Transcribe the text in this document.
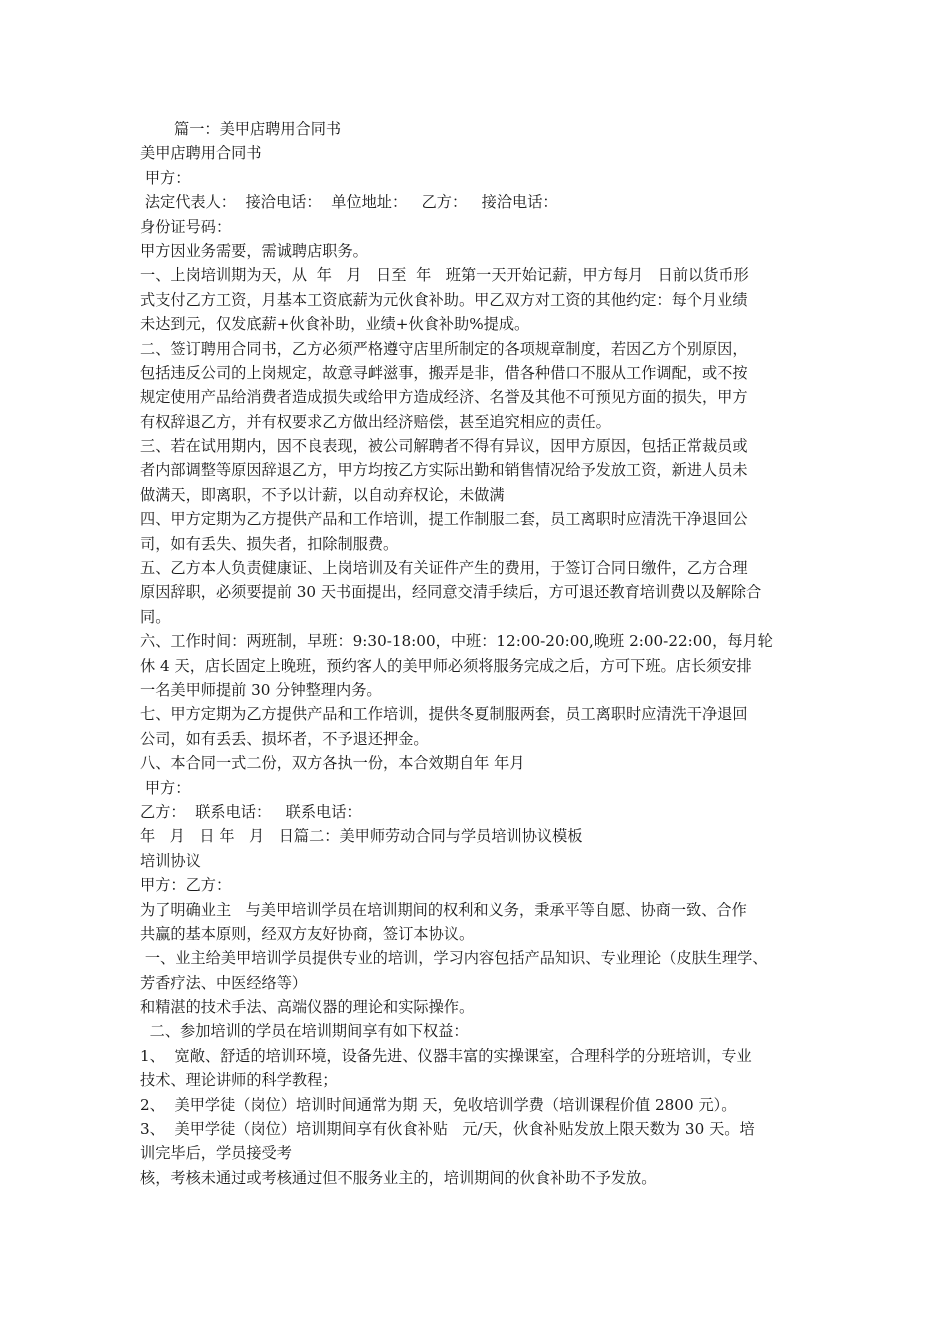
篇一：美甲店聘用合同书
美甲店聘用合同书
甲方：
法定代表人：  接洽电话：  单位地址：   乙方：   接洽电话：
身份证号码：
甲方因业务需要，需诚聘店职务。
一、上岗培训期为天，从  年   月   日至  年   班第一天开始记薪，甲方每月   日前以货币形
式支付乙方工资，月基本工资底薪为元伙食补助。甲乙双方对工资的其他约定：每个月业绩
未达到元，仅发底薪+伙食补助，业绩+伙食补助%提成。
二、签订聘用合同书，乙方必须严格遵守店里所制定的各项规章制度，若因乙方个别原因，
包括违反公司的上岗规定，故意寻衅滋事，搬弄是非，借各种借口不服从工作调配，或不按
规定使用产品给消费者造成损失或给甲方造成经济、名誉及其他不可预见方面的损失，甲方
有权辞退乙方，并有权要求乙方做出经济赔偿，甚至追究相应的责任。
三、若在试用期内，因不良表现，被公司解聘者不得有异议，因甲方原因，包括正常裁员或
者内部调整等原因辞退乙方，甲方均按乙方实际出勤和销售情况给予发放工资，新进人员未
做满天，即离职，不予以计薪，以自动弃权论，未做满
四、甲方定期为乙方提供产品和工作培训，提工作制服二套，员工离职时应清洗干净退回公
司，如有丢失、损失者，扣除制服费。
五、乙方本人负责健康证、上岗培训及有关证件产生的费用，于签订合同日缴件，乙方合理
原因辞职，必须要提前 30 天书面提出，经同意交清手续后，方可退还教育培训费以及解除合
同。
六、工作时间：两班制，早班：9:30-18:00，中班：12:00-20:00,晚班 2:00-22:00，每月轮
休 4 天，店长固定上晚班，预约客人的美甲师必须将服务完成之后，方可下班。店长须安排
一名美甲师提前 30 分钟整理内务。
七、甲方定期为乙方提供产品和工作培训，提供冬夏制服两套，员工离职时应清洗干净退回
公司，如有丢丢、损坏者，不予退还押金。
八、本合同一式二份，双方各执一份，本合效期自年 年月
甲方：
乙方：  联系电话：   联系电话：
年   月   日 年   月   日篇二：美甲师劳动合同与学员培训协议模板
培训协议
甲方：乙方：
为了明确业主   与美甲培训学员在培训期间的权利和义务，秉承平等自愿、协商一致、合作
共赢的基本原则，经双方友好协商，签订本协议。
一、业主给美甲培训学员提供专业的培训，学习内容包括产品知识、专业理论（皮肤生理学、
芳香疗法、中医经络等）
和精湛的技术手法、高端仪器的理论和实际操作。
二、参加培训的学员在培训期间享有如下权益：
1、  宽敞、舒适的培训环境，设备先进、仪器丰富的实操课室，合理科学的分班培训，专业
技术、理论讲师的科学教程；
2、  美甲学徒（岗位）培训时间通常为期 天，免收培训学费（培训课程价值 2800 元）。
3、  美甲学徒（岗位）培训期间享有伙食补贴   元/天，伙食补贴发放上限天数为 30 天。培
训完毕后，学员接受考
核，考核未通过或考核通过但不服务业主的，培训期间的伙食补助不予发放。
